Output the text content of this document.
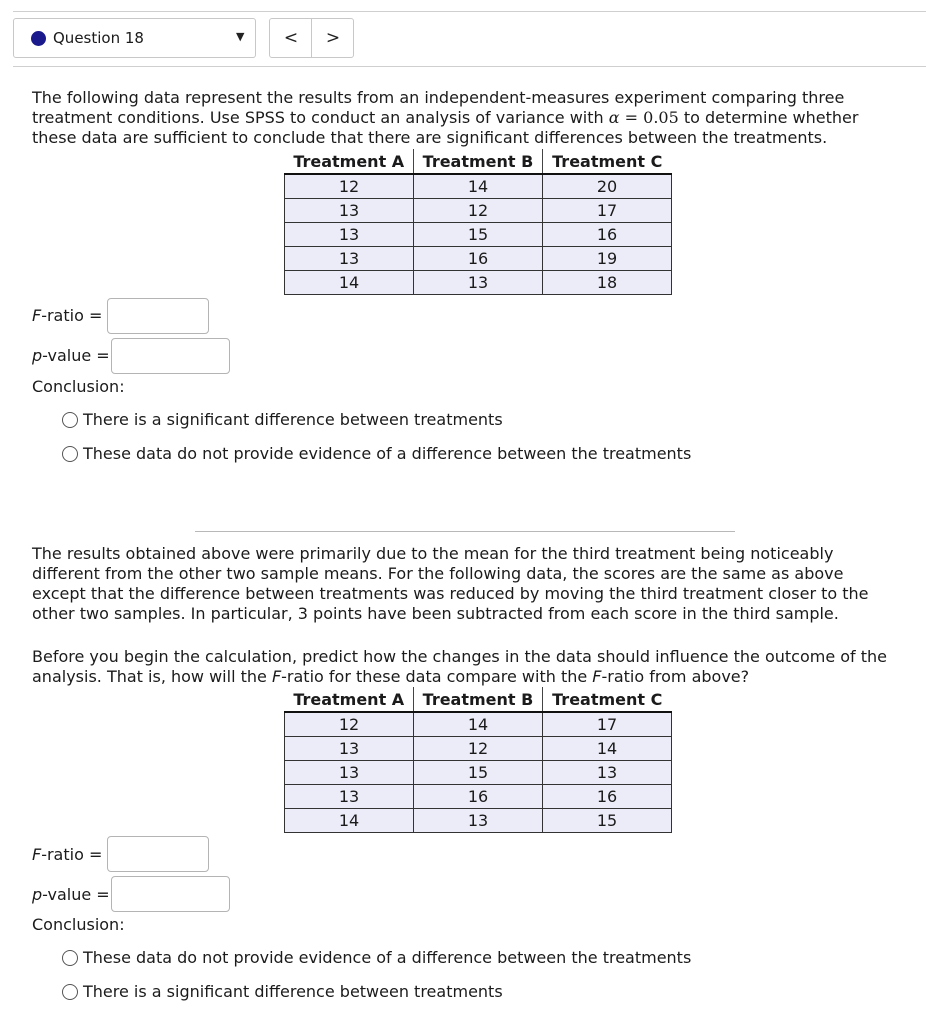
Question 18	▼	<	>

The following data represent the results from an independent-measures experiment comparing three

treatment conditions. Use SPSS to conduct an analysis of variance with α = 0.05 to determine whether

these data are sufficient to conclude that there are significant differences between the treatments.

Treatment A	Treatment B	Treatment C
12	14	20
13	12	17
13	15	16
13	16	19
14	13	18
F-ratio =
p-value =
Conclusion:
There is a significant difference between treatments
These data do not provide evidence of a difference between the treatments

The results obtained above were primarily due to the mean for the third treatment being noticeably

different from the other two sample means. For the following data, the scores are the same as above

except that the difference between treatments was reduced by moving the third treatment closer to the

other two samples. In particular, 3 points have been subtracted from each score in the third sample.

Before you begin the calculation, predict how the changes in the data should influence the outcome of the

analysis. That is, how will the F-ratio for these data compare with the F-ratio from above?

Treatment A	Treatment B	Treatment C
12	14	17
13	12	14
13	15	13
13	16	16
14	13	15
F-ratio =
p-value =
Conclusion:
These data do not provide evidence of a difference between the treatments
There is a significant difference between treatments
